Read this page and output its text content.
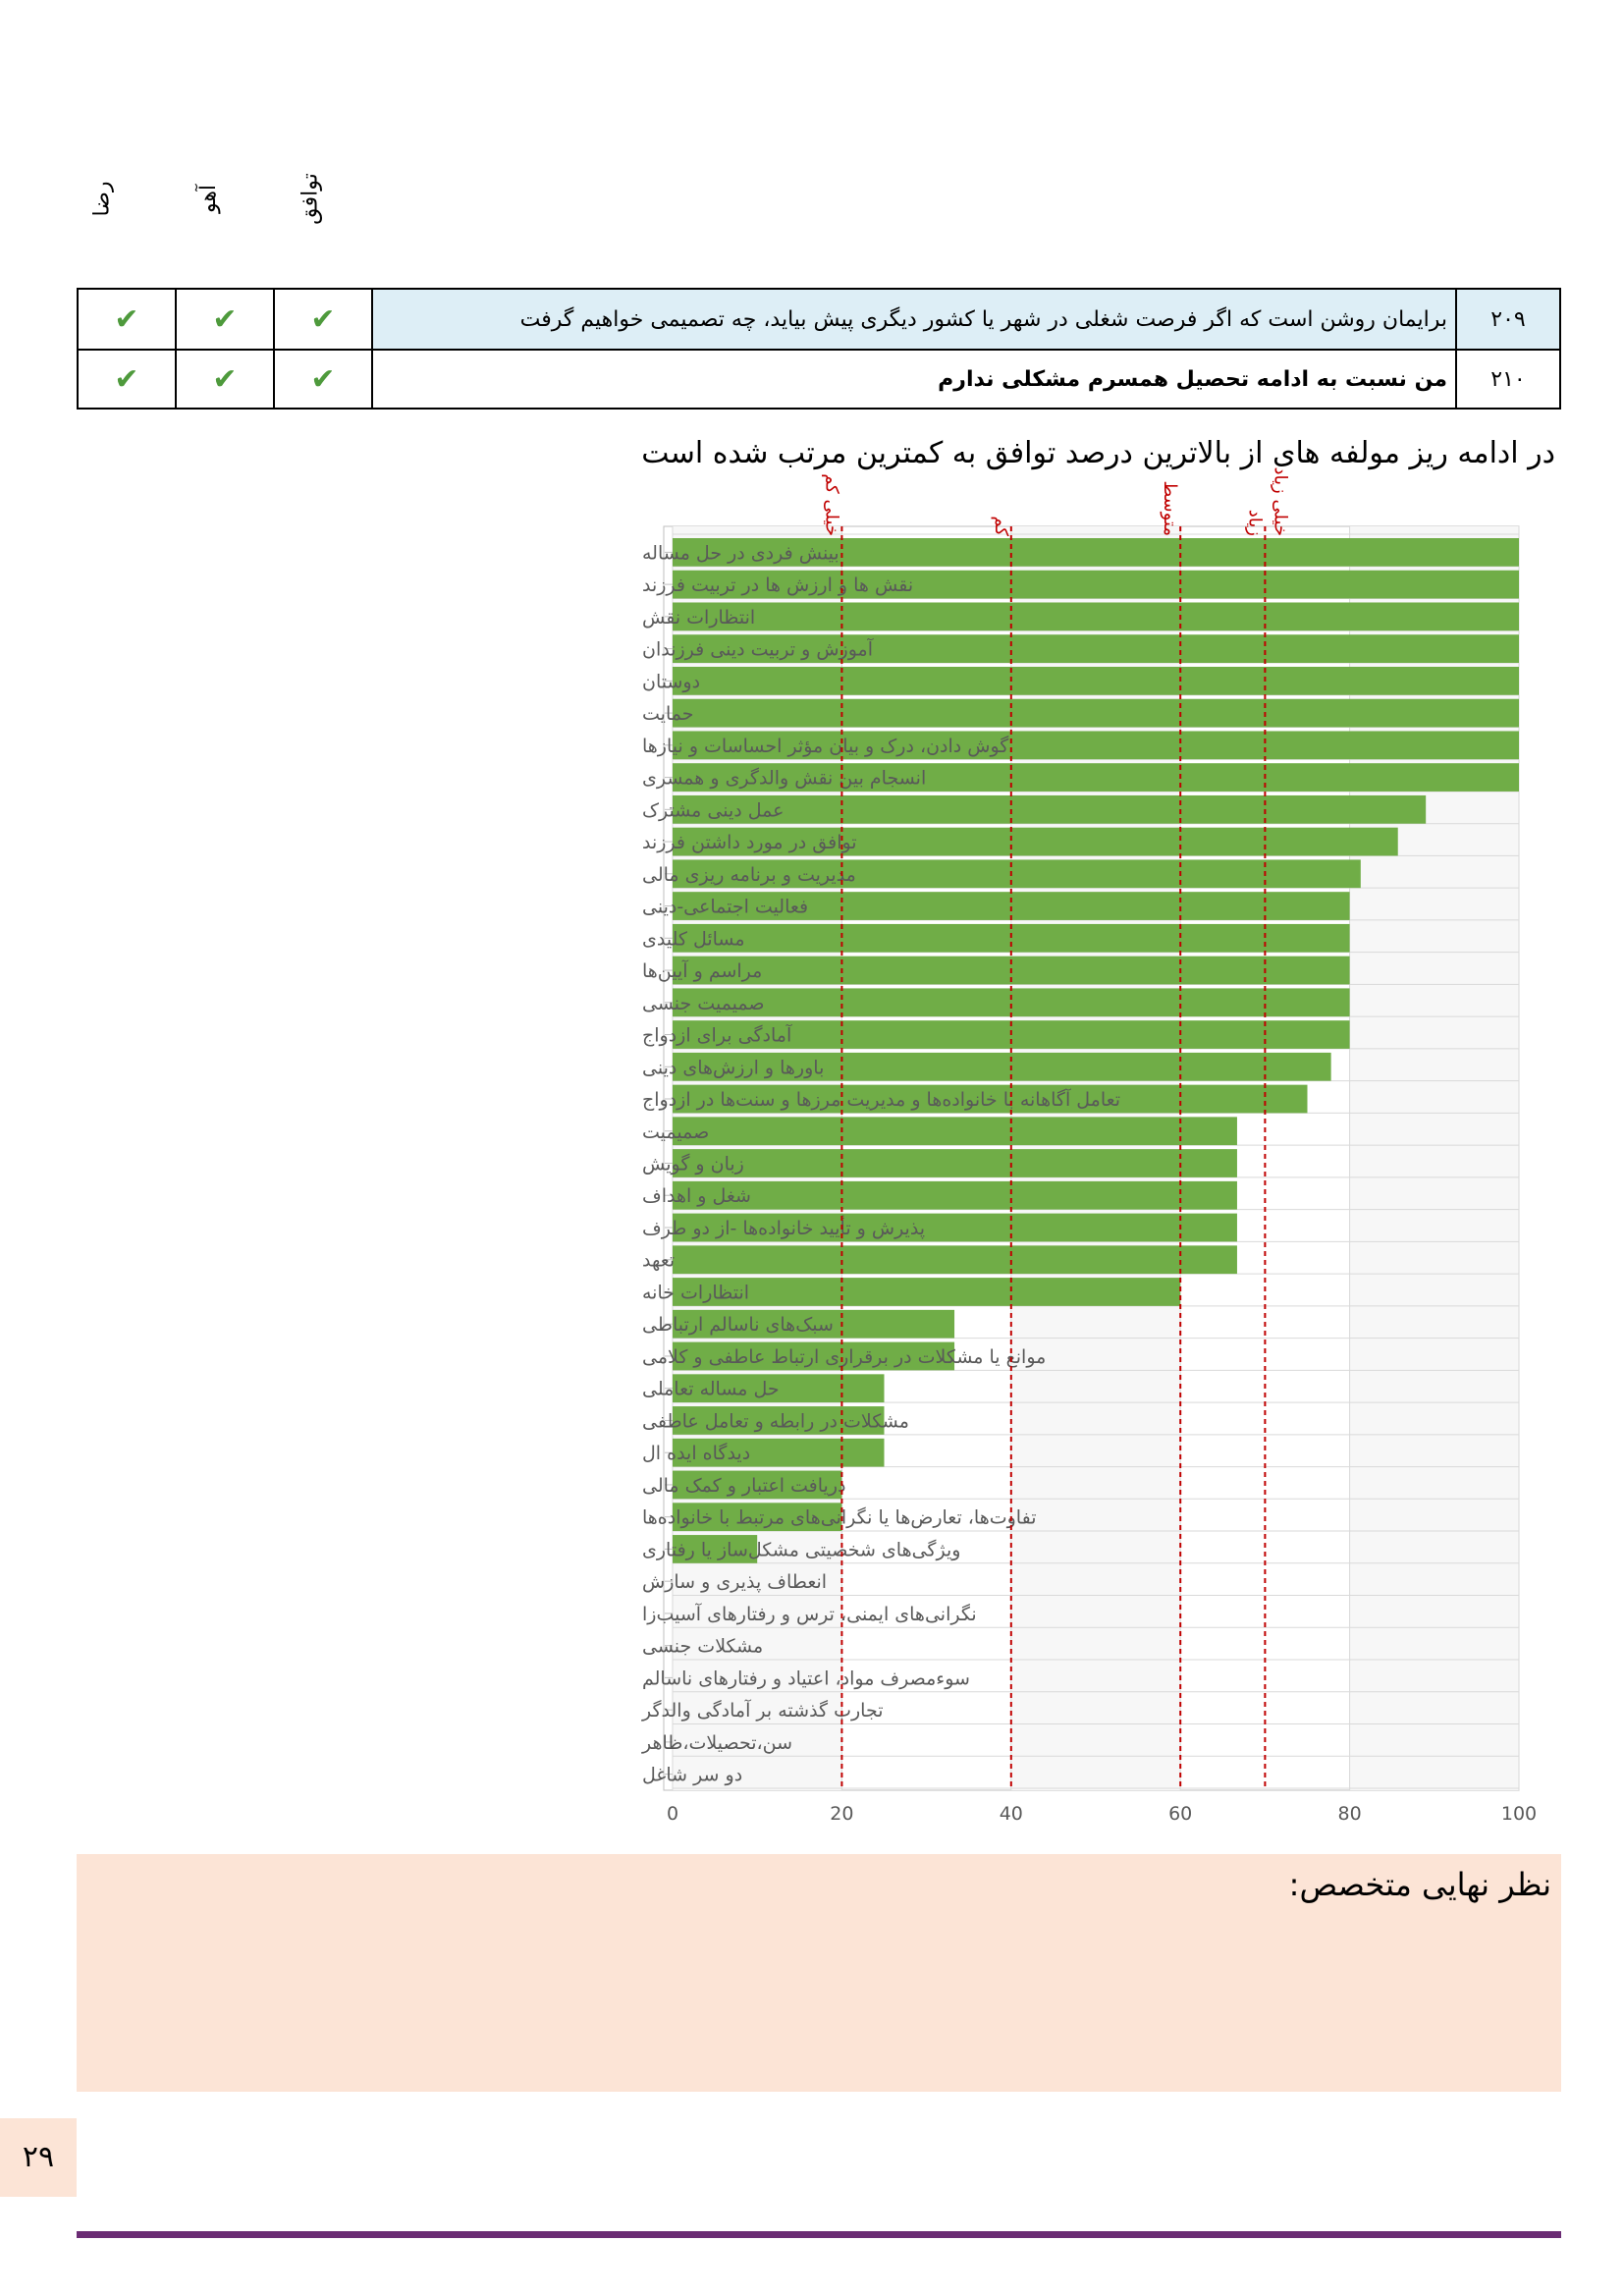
رضا	آهو	توافق
✔	✔	✔	برایمان روشن است که اگر فرصت شغلی در شهر یا کشور دیگری پیش بیاید، چه تصمیمی خواهیم گرفت	۲۰۹
✔	✔	✔	من نسبت به ادامه تحصیل همسرم مشکلی ندارم	۲۱۰
در ادامه ریز مولفه های از بالاترین درصد توافق به کمترین مرتب شده است
بینش فردی در حل مساله
نقش ها و ارزش ها در تربیت فرزند
انتظارات نقش
آموزش و تربیت دینی فرزندان
دوستان
حمایت
گوش دادن، درک و بیان مؤثر احساسات و نیازها
انسجام بین نقش والدگری و همسری
عمل دینی مشترک
توافق در مورد داشتن فرزند
مدیریت و برنامه ریزی مالی
فعالیت اجتماعی-دینی
مسائل کلیدی
مراسم و آیین‌ها
صمیمیت جنسی
آمادگی برای ازدواج
باورها و ارزش‌های دینی
تعامل آگاهانه با خانواده‌ها و مدیریت مرزها و سنت‌ها در ازدواج
صمیمیت
زبان و گویش
شغل و اهداف
پذیرش و تأیید خانواده‌ها -از دو طرف
تعهد
انتظارات خانه
سبک‌های ناسالم ارتباطی
موانع یا مشکلات در برقراری ارتباط عاطفی و کلامی
حل مساله تعاملی
مشکلات در رابطه و تعامل عاطفی
دیدگاه ایده ال
دریافت اعتبار و کمک مالی
تفاوت‌ها، تعارض‌ها یا نگرانی‌های مرتبط با خانواده‌ها
ویژگی‌های شخصیتی مشکل‌ساز یا رفتاری
انعطاف پذیری و سازش
نگرانی‌های ایمنی، ترس و رفتارهای آسیب‌زا
مشکلات جنسی
سوءمصرف مواد، اعتیاد و رفتارهای ناسالم
تجارب گذشته بر آمادگی والدگر
سن،تحصیلات،ظاهر
دو سر شاغل
0	20	40	60	80	100
خیلی کم	کم	متوسط	زیاد خیلی زیاد
نظر نهایی متخصص:
۲۹
